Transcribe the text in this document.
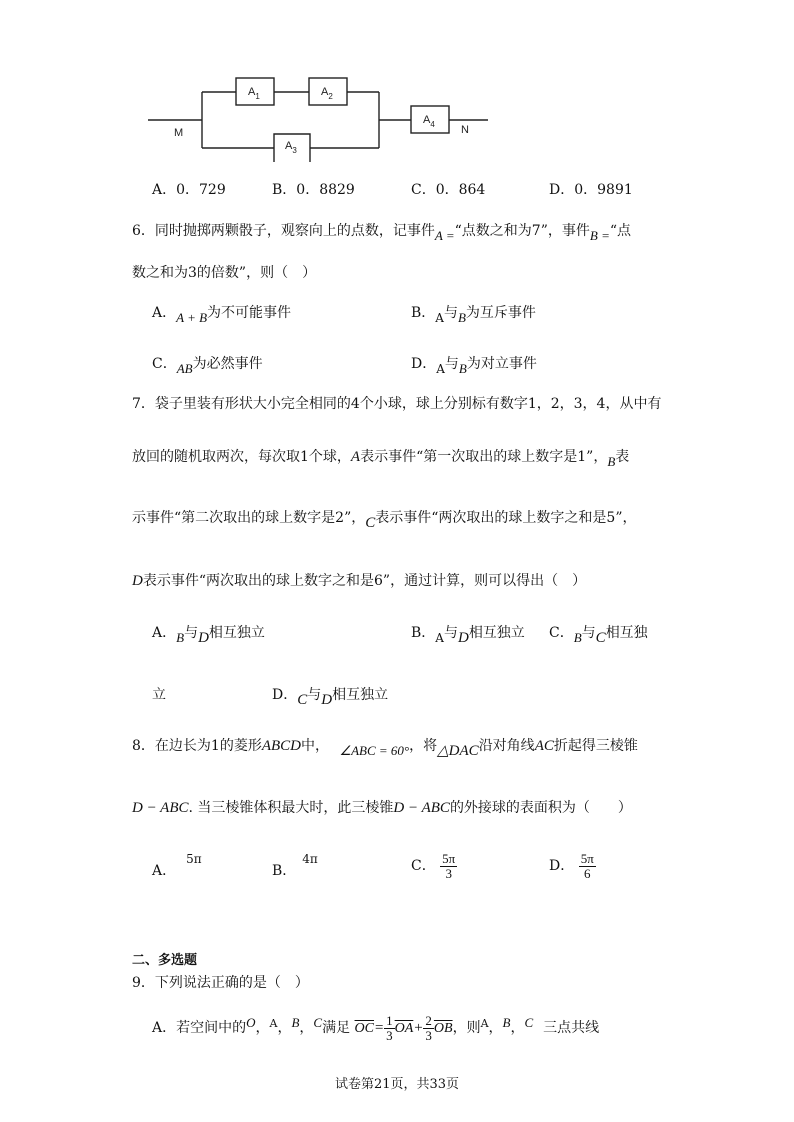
M	N
$A_1$	$A_2$
$A_3$
$A_4$
A．0．729	B．0．8829	C．0．864	D．0．9891
6．同时抛掷两颗骰子，观察向上的点数，记事件A =“点数之和为7”，事件B =“点
数之和为3的倍数”，则（　）
A．A + B为不可能事件	B．A与B为互斥事件
C．AB为必然事件	D．A与B为对立事件
7．袋子里装有形状大小完全相同的4个小球，球上分别标有数字1，2，3，4，从中有
放回的随机取两次，每次取1个球，A表示事件“第一次取出的球上数字是1”，B表
示事件“第二次取出的球上数字是2”，C表示事件“两次取出的球上数字之和是5”，
D表示事件“两次取出的球上数字之和是6”，通过计算，则可以得出（　）
A．B与D相互独立	B．A与D相互独立 C．B与C相互独
立	D．C与D相互独立
8．在边长为1的菱形ABCD中， ∠ABC = 60°，将△DAC沿对角线AC折起得三棱锥
D − ABC. 当三棱锥体积最大时，此三棱锥D − ABC的外接球的表面积为（　　）
A．5π
B．4π	C． $\frac{5\pi}{3}$	D． $\frac{5\pi}{6}$
二、多选题
9．下列说法正确的是（　）
A．若空间中的O，$^A$，B，C满足 $\overline{OC}= \frac{1}{3} \overline{OA}+ \frac{2}{3} \overline{OB}$，则$^A$，B，C 三点共线
试卷第21页，共33页
